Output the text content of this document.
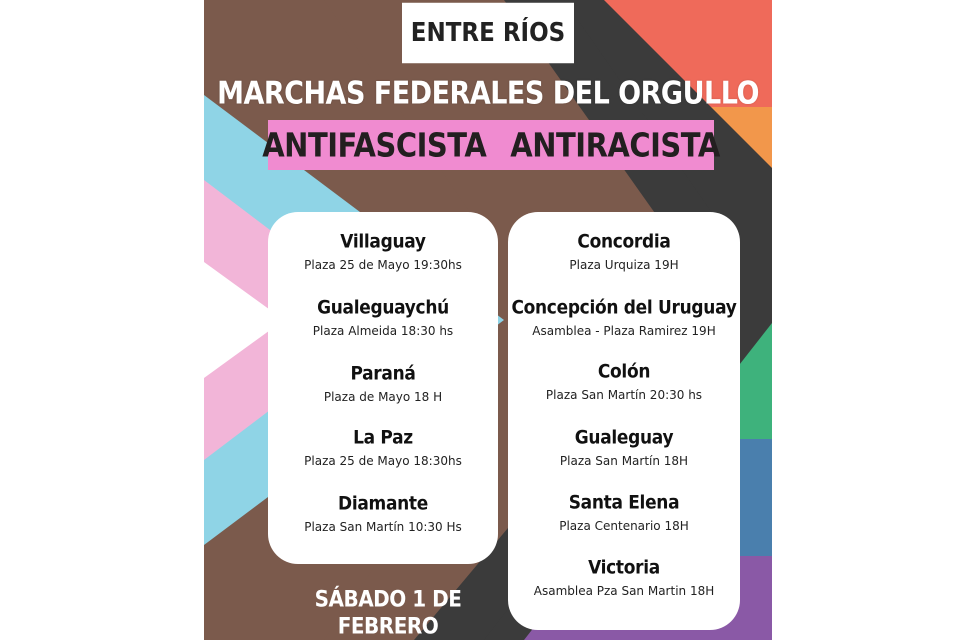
ENTRE RÍOS
MARCHAS FEDERALES DEL ORGULLO
ANTIFASCISTA ANTIRACISTA
Villaguay
Plaza 25 de Mayo 19:30hs
Gualeguaychú
Plaza Almeida 18:30 hs
Paraná
Plaza de Mayo 18 H
La Paz
Plaza 25 de Mayo 18:30hs
Diamante
Plaza San Martín 10:30 Hs
Concordia
Plaza Urquiza 19H
Concepción del Uruguay
Asamblea - Plaza Ramirez 19H
Colón
Plaza San Martín 20:30 hs
Gualeguay
Plaza San Martín 18H
Santa Elena
Plaza Centenario 18H
Victoria
Asamblea Pza San Martin 18H
SÁBADO 1 DE FEBRERO
